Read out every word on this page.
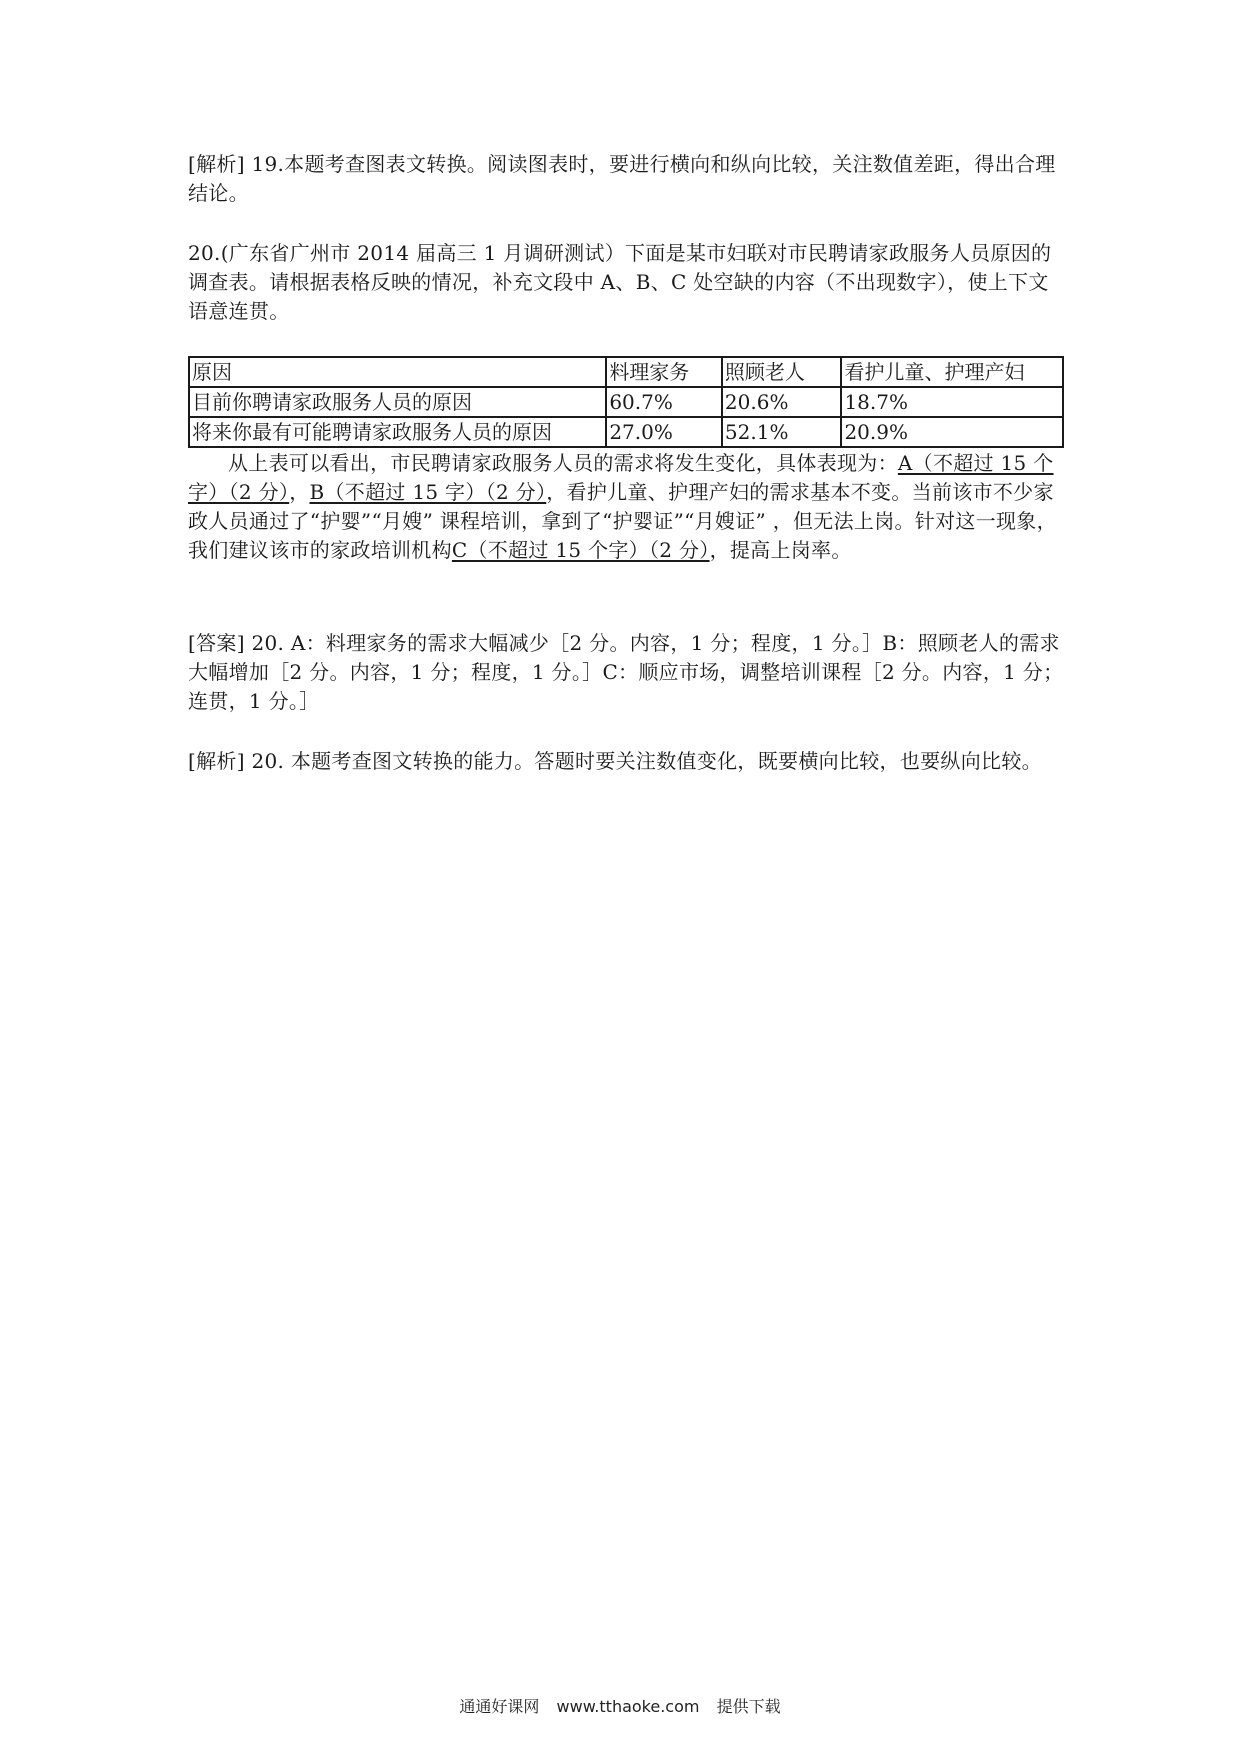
[解析] 19.本题考查图表文转换。阅读图表时，要进行横向和纵向比较，关注数值差距，得出合理结论。

20.(广东省广州市 2014 届高三 1 月调研测试）下面是某市妇联对市民聘请家政服务人员原因的调查表。请根据表格反映的情况，补充文段中 A、B、C 处空缺的内容（不出现数字），使上下文语意连贯。

原因	料理家务	照顾老人	看护儿童、护理产妇
目前你聘请家政服务人员的原因	60.7%	20.6%	18.7%
将来你最有可能聘请家政服务人员的原因	27.0%	52.1%	20.9%

从上表可以看出，市民聘请家政服务人员的需求将发生变化，具体表现为：A（不超过 15 个字）（2 分），B（不超过 15 字）（2 分），看护儿童、护理产妇的需求基本不变。当前该市不少家政人员通过了“护婴”“月嫂” 课程培训，拿到了“护婴证”“月嫂证” ，但无法上岗。针对这一现象，我们建议该市的家政培训机构C（不超过 15 个字）（2 分），提高上岗率。

[答案] 20. A：料理家务的需求大幅减少［2 分。内容，1 分；程度，1 分。］B：照顾老人的需求大幅增加［2 分。内容，1 分；程度，1 分。］C：顺应市场，调整培训课程［2 分。内容，1 分；连贯，1 分。］

[解析] 20. 本题考查图文转换的能力。答题时要关注数值变化，既要横向比较，也要纵向比较。

通通好课网 www.tthaoke.com 提供下载
